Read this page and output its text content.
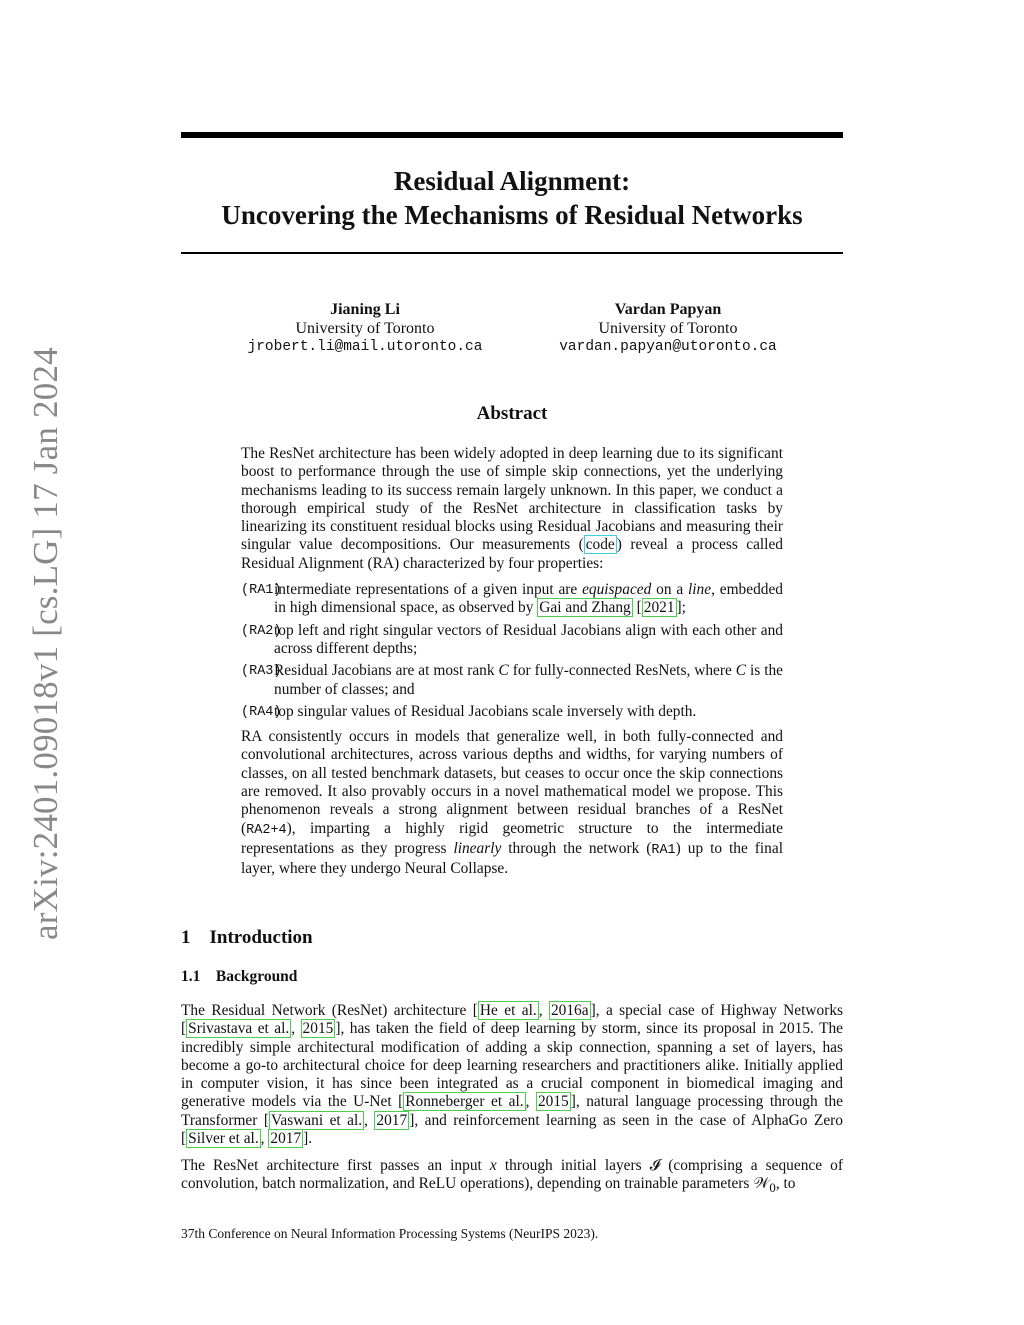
arXiv:2401.09018v1 [cs.LG] 17 Jan 2024
Residual Alignment:
Uncovering the Mechanisms of Residual Networks
Jianing Li
University of Toronto
jrobert.li@mail.utoronto.ca
Vardan Papyan
University of Toronto
vardan.papyan@utoronto.ca
Abstract

The ResNet architecture has been widely adopted in deep learning due to its significant boost to performance through the use of simple skip connections, yet the underlying mechanisms leading to its success remain largely unknown. In this paper, we conduct a thorough empirical study of the ResNet architecture in classification tasks by linearizing its constituent residual blocks using Residual Jacobians and measuring their singular value decompositions. Our measurements ( code ) reveal a process called Residual Alignment (RA) characterized by four properties:

(RA1)
intermediate representations of a given input are equispaced on a line, embedded in high dimensional space, as observed by Gai and Zhang [ 2021 ];
(RA2)
top left and right singular vectors of Residual Jacobians align with each other and across different depths;
(RA3)
Residual Jacobians are at most rank C for fully-connected ResNets, where C is the number of classes; and
(RA4)
top singular values of Residual Jacobians scale inversely with depth.

RA consistently occurs in models that generalize well, in both fully-connected and convolutional architectures, across various depths and widths, for varying numbers of classes, on all tested benchmark datasets, but ceases to occur once the skip connections are removed. It also provably occurs in a novel mathematical model we propose. This phenomenon reveals a strong alignment between residual branches of a ResNet (RA2+4), imparting a highly rigid geometric structure to the intermediate representations as they progress linearly through the network (RA1) up to the final layer, where they undergo Neural Collapse.

1 Introduction
1.1 Background

The Residual Network (ResNet) architecture [ He et al. , 2016a ], a special case of Highway Networks [ Srivastava et al. , 2015 ], has taken the field of deep learning by storm, since its proposal in 2015. The incredibly simple architectural modification of adding a skip connection, spanning a set of layers, has become a go-to architectural choice for deep learning researchers and practitioners alike. Initially applied in computer vision, it has since been integrated as a crucial component in biomedical imaging and generative models via the U-Net [ Ronneberger et al. , 2015 ], natural language processing through the Transformer [ Vaswani et al. , 2017 ], and reinforcement learning as seen in the case of AlphaGo Zero [ Silver et al. , 2017 ].

The ResNet architecture first passes an input x through initial layers 𝓘 (comprising a sequence of convolution, batch normalization, and ReLU operations), depending on trainable parameters 𝒲$_0$, to

37th Conference on Neural Information Processing Systems (NeurIPS 2023).
